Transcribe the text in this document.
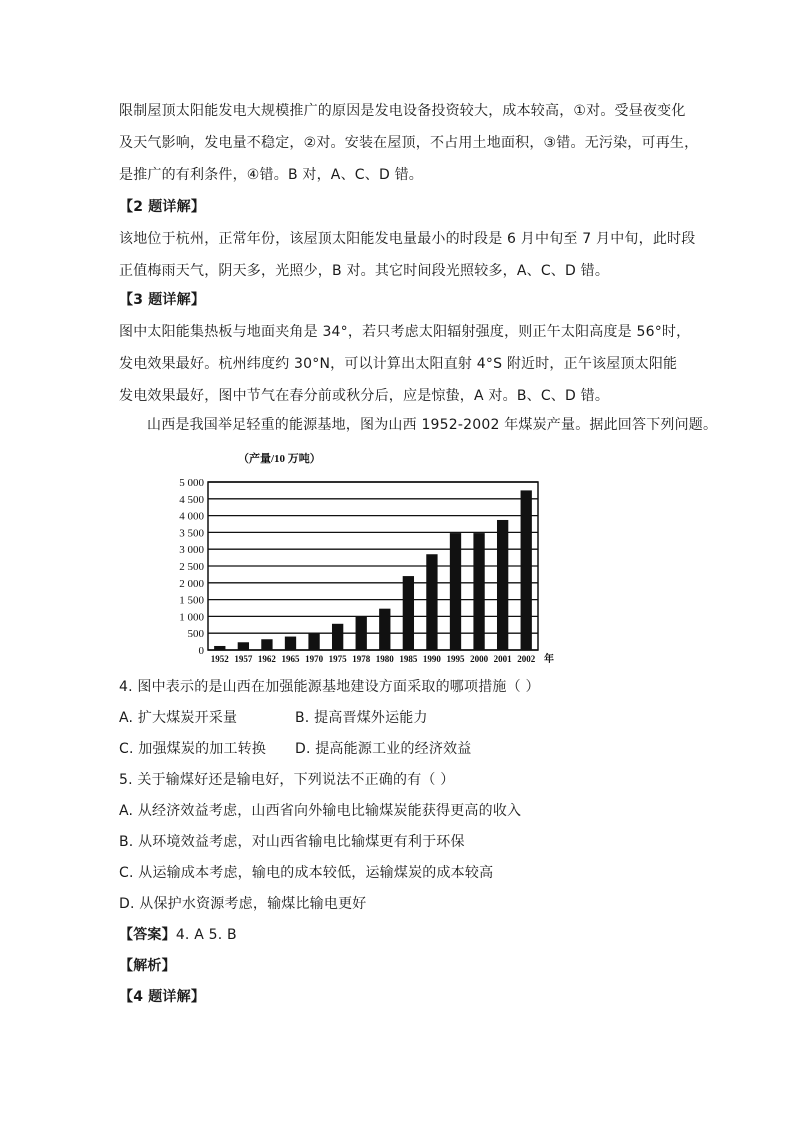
限制屋顶太阳能发电大规模推广的原因是发电设备投资较大，成本较高，①对。受昼夜变化
及天气影响，发电量不稳定，②对。安装在屋顶，不占用土地面积，③错。无污染，可再生，
是推广的有利条件，④错。B 对，A、C、D 错。
【2 题详解】
该地位于杭州，正常年份，该屋顶太阳能发电量最小的时段是 6 月中旬至 7 月中旬，此时段
正值梅雨天气，阴天多，光照少，B 对。其它时间段光照较多，A、C、D 错。
【3 题详解】
图中太阳能集热板与地面夹角是 34°，若只考虑太阳辐射强度，则正午太阳高度是 56°时，
发电效果最好。杭州纬度约 30°N，可以计算出太阳直射 4°S 附近时，正午该屋顶太阳能
发电效果最好，图中节气在春分前或秋分后，应是惊蛰，A 对。B、C、D 错。
山西是我国举足轻重的能源基地，图为山西 1952-2002 年煤炭产量。据此回答下列问题。
（产量/10 万吨）
0
500
1 000
1 500
2 000
2 500
3 000
3 500
4 000
4 500
5 000
1952 1957 1962 1965 1970 1975 1978 1980 1985 1990 1995 2000 2001 2002 年
4. 图中表示的是山西在加强能源基地建设方面采取的哪项措施（ ）
A. 扩大煤炭开采量	B. 提高晋煤外运能力
C. 加强煤炭的加工转换 D. 提高能源工业的经济效益
5. 关于输煤好还是输电好，下列说法不正确的有（ ）
A. 从经济效益考虑，山西省向外输电比输煤炭能获得更高的收入
B. 从环境效益考虑，对山西省输电比输煤更有利于环保
C. 从运输成本考虑，输电的成本较低，运输煤炭的成本较高
D. 从保护水资源考虑，输煤比输电更好
【答案】4. A 5. B
【解析】
【4 题详解】
